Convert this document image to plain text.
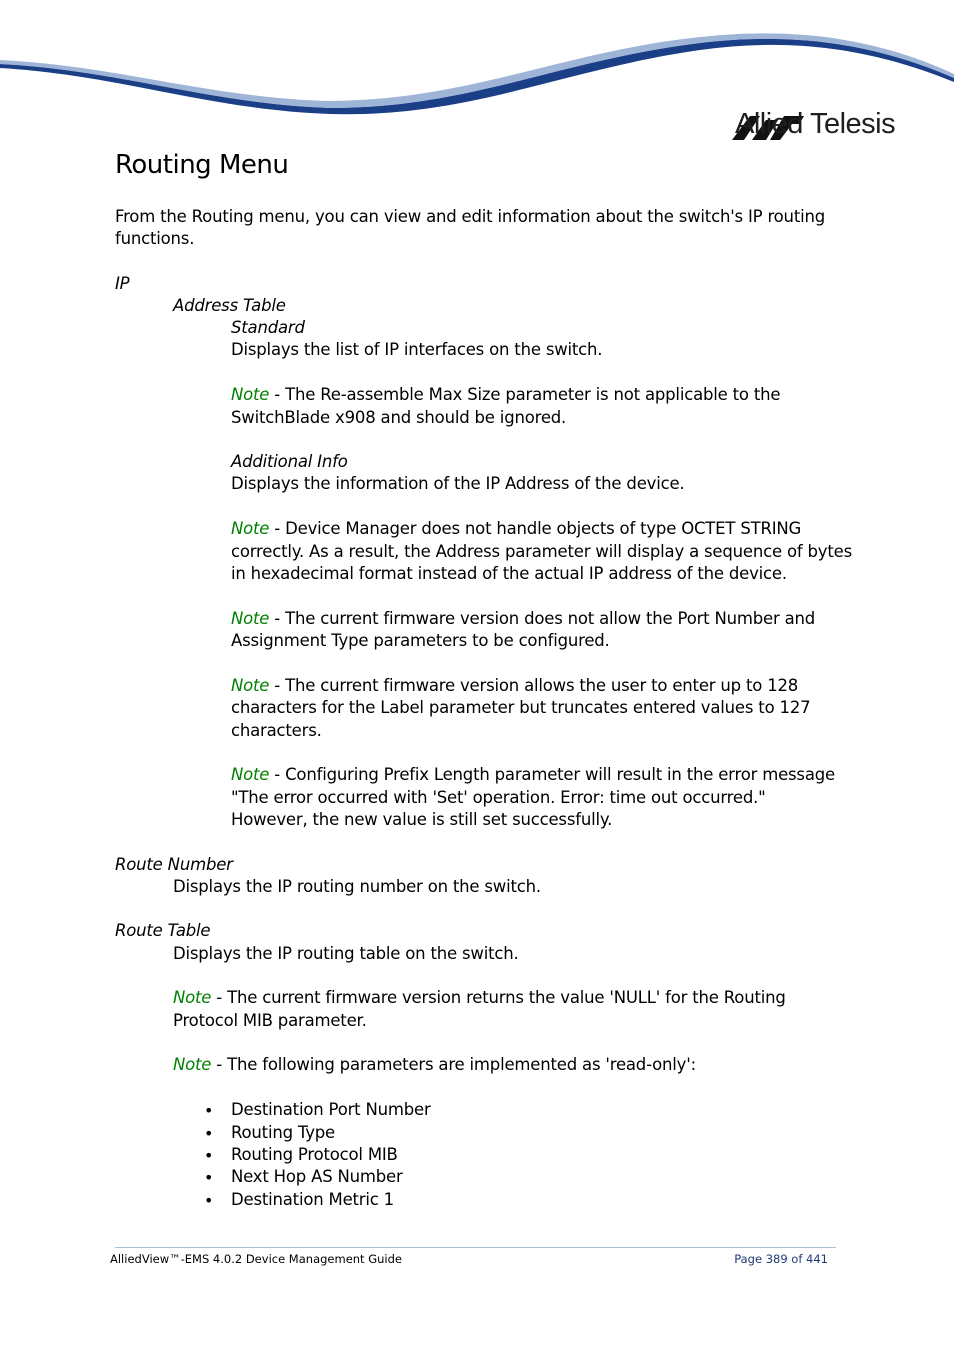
Allied Telesis
Routing Menu

From the Routing menu, you can view and edit information about the switch's IP routing

functions.

IP

Address Table

Standard

Displays the list of IP interfaces on the switch.

Note - The Re-assemble Max Size parameter is not applicable to the

SwitchBlade x908 and should be ignored.

Additional Info

Displays the information of the IP Address of the device.

Note - Device Manager does not handle objects of type OCTET STRING

correctly. As a result, the Address parameter will display a sequence of bytes

in hexadecimal format instead of the actual IP address of the device.

Note - The current firmware version does not allow the Port Number and

Assignment Type parameters to be configured.

Note - The current firmware version allows the user to enter up to 128

characters for the Label parameter but truncates entered values to 127

characters.

Note - Configuring Prefix Length parameter will result in the error message

"The error occurred with 'Set' operation. Error: time out occurred."

However, the new value is still set successfully.

Route Number

Displays the IP routing number on the switch.

Route Table

Displays the IP routing table on the switch.

Note - The current firmware version returns the value 'NULL' for the Routing

Protocol MIB parameter.

Note - The following parameters are implemented as 'read-only':

• Destination Port Number

• Routing Type

• Routing Protocol MIB

• Next Hop AS Number

• Destination Metric 1

AlliedView™-EMS 4.0.2 Device Management Guide	Page 389 of 441
